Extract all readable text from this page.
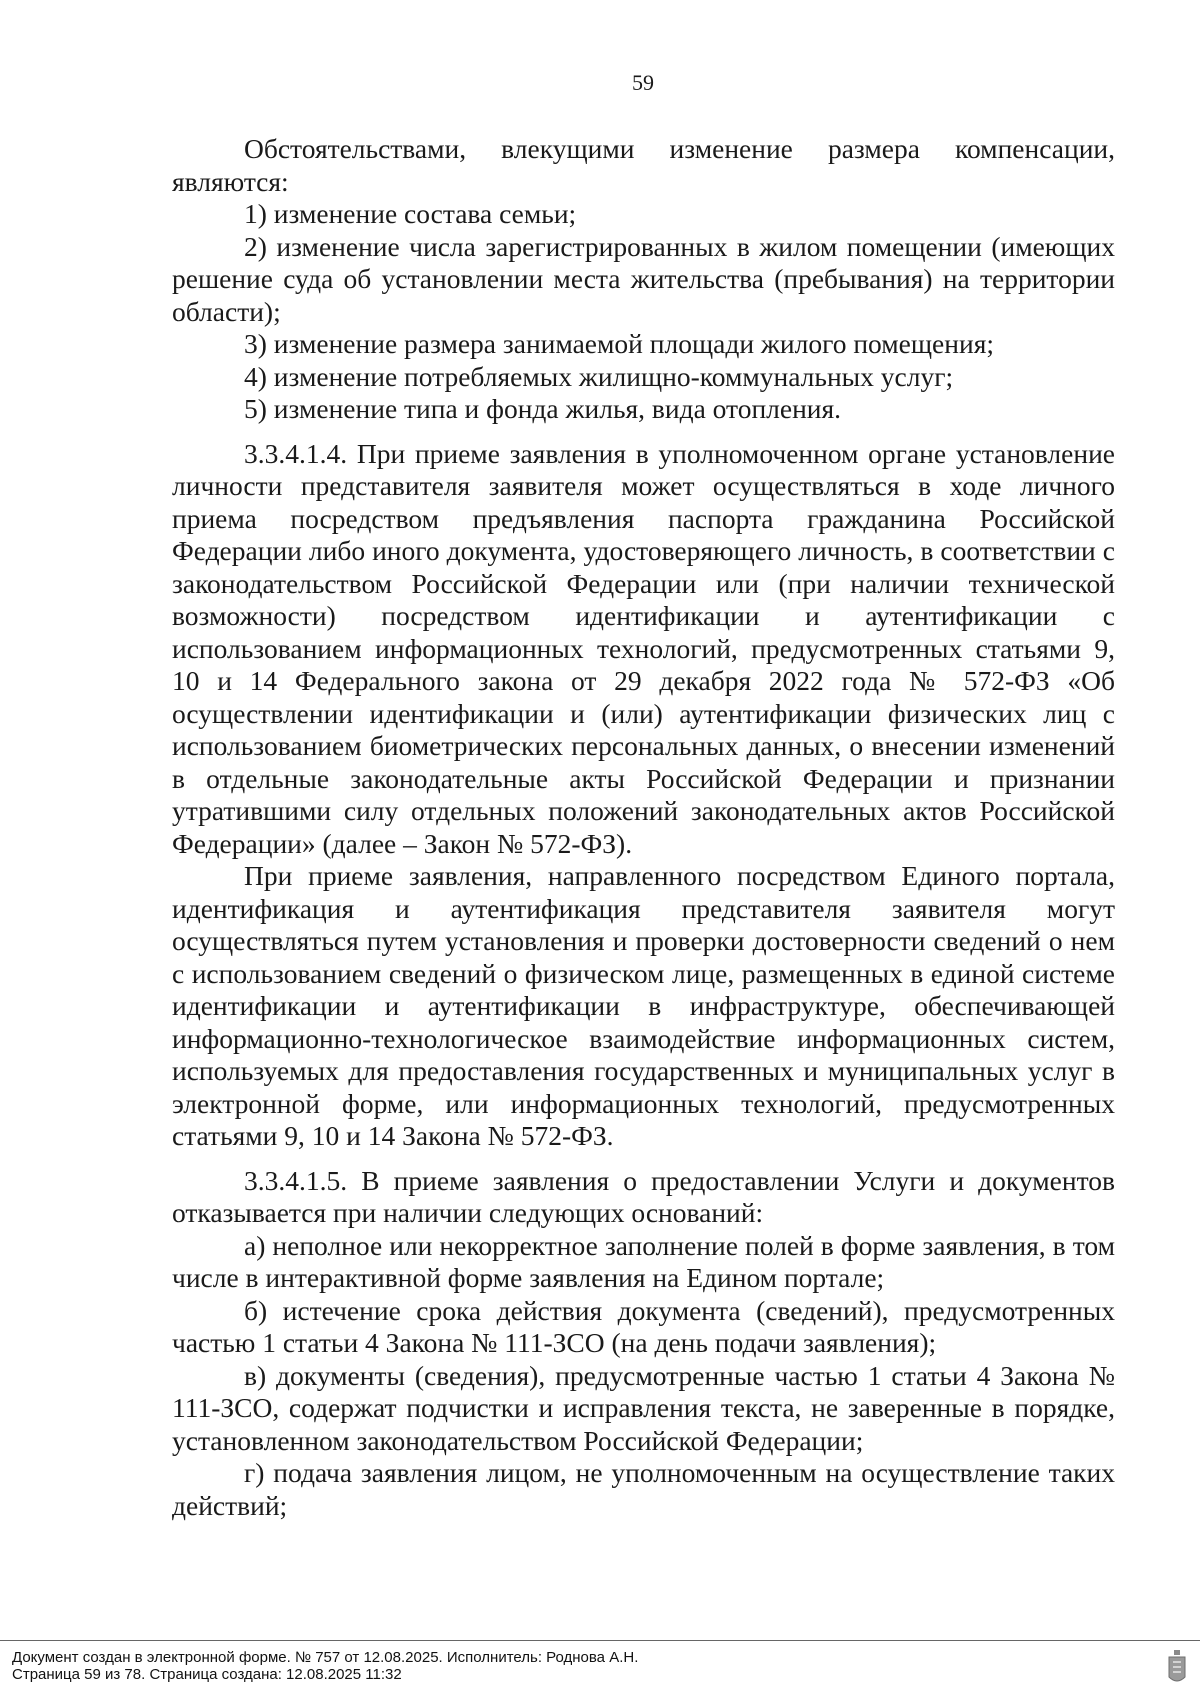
59

Обстоятельствами, влекущими изменение размера компенсации, являются:

1) изменение состава семьи;

2) изменение числа зарегистрированных в жилом помещении (имеющих решение суда об установлении места жительства (пребывания) на территории области);

3) изменение размера занимаемой площади жилого помещения;

4) изменение потребляемых жилищно-коммунальных услуг;

5) изменение типа и фонда жилья, вида отопления.

3.3.4.1.4. При приеме заявления в уполномоченном органе установление личности представителя заявителя может осуществляться в ходе личного приема посредством предъявления паспорта гражданина Российской Федерации либо иного документа, удостоверяющего личность, в соответствии с законодательством Российской Федерации или (при наличии технической возможности) посредством идентификации и аутентификации с использованием информационных технологий, предусмотренных статьями 9, 10 и 14 Федерального закона от 29 декабря 2022 года № 572-ФЗ «Об осуществлении идентификации и (или) аутентификации физических лиц с использованием биометрических персональных данных, о внесении изменений в отдельные законодательные акты Российской Федерации и признании утратившими силу отдельных положений законодательных актов Российской Федерации» (далее – Закон № 572-ФЗ).

При приеме заявления, направленного посредством Единого портала, идентификация и аутентификация представителя заявителя могут осуществляться путем установления и проверки достоверности сведений о нем с использованием сведений о физическом лице, размещенных в единой системе идентификации и аутентификации в инфраструктуре, обеспечивающей информационно-технологическое взаимодействие информационных систем, используемых для предоставления государственных и муниципальных услуг в электронной форме, или информационных технологий, предусмотренных статьями 9, 10 и 14 Закона № 572-ФЗ.

3.3.4.1.5. В приеме заявления о предоставлении Услуги и документов отказывается при наличии следующих оснований:

а) неполное или некорректное заполнение полей в форме заявления, в том числе в интерактивной форме заявления на Едином портале;

б) истечение срока действия документа (сведений), предусмотренных частью 1 статьи 4 Закона № 111-ЗСО (на день подачи заявления);

в) документы (сведения), предусмотренные частью 1 статьи 4 Закона № 111-ЗСО, содержат подчистки и исправления текста, не заверенные в порядке, установленном законодательством Российской Федерации;

г) подача заявления лицом, не уполномоченным на осуществление таких действий;

Документ создан в электронной форме. № 757 от 12.08.2025. Исполнитель: Роднова А.Н.
Страница 59 из 78. Страница создана: 12.08.2025 11:32
